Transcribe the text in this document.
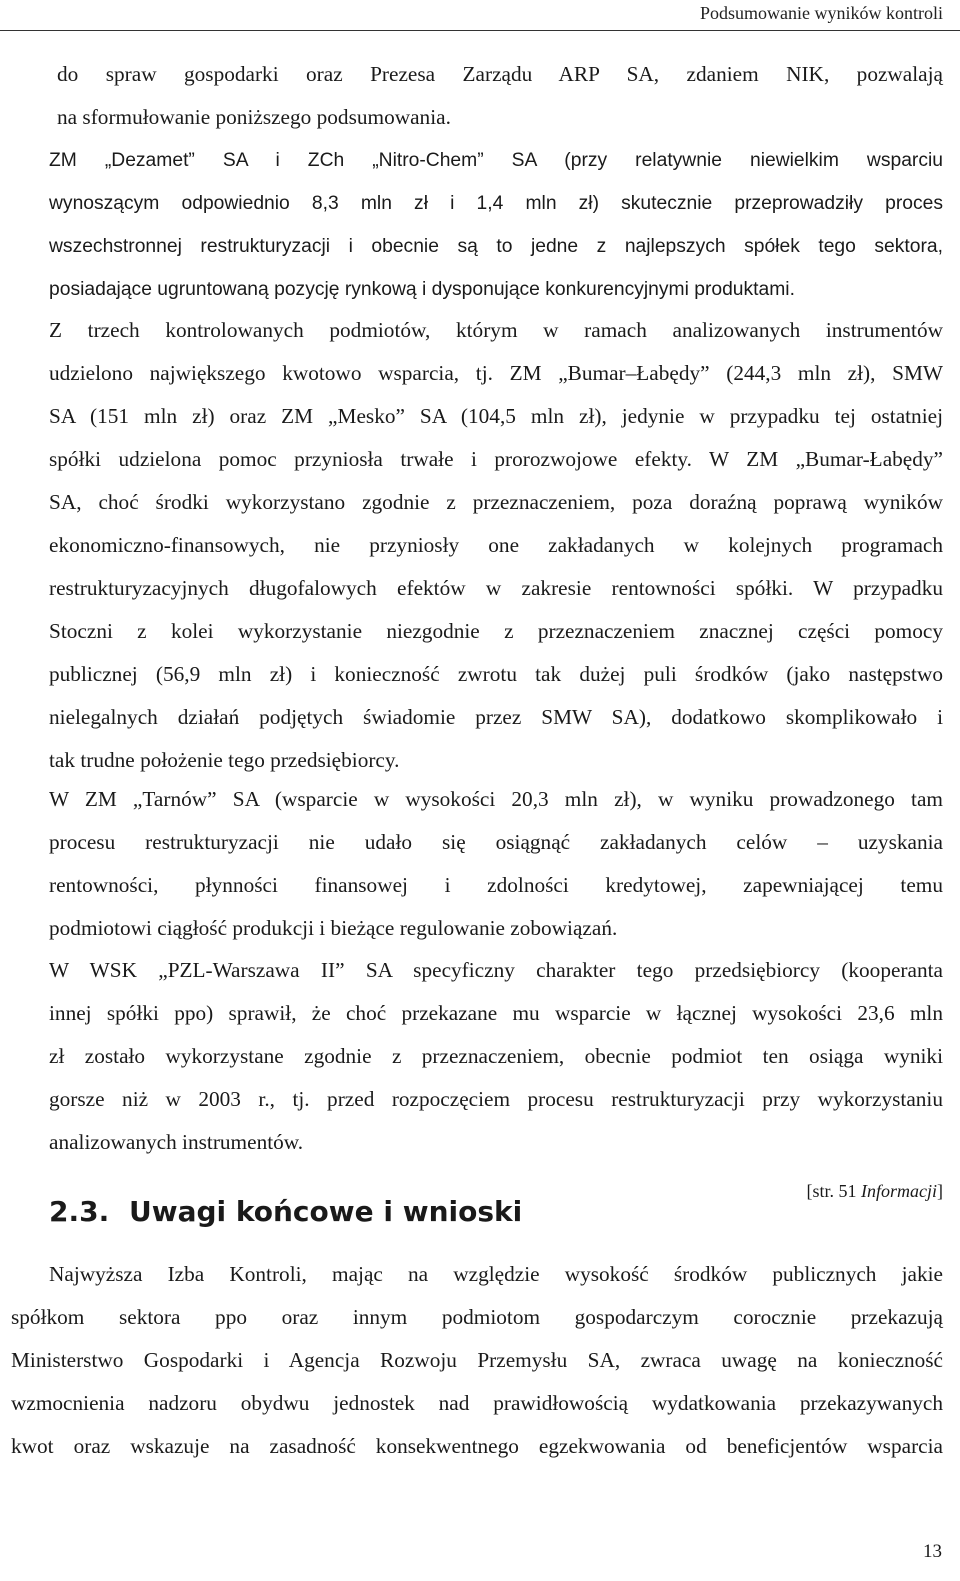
Podsumowanie wyników kontroli
do spraw gospodarki oraz Prezesa Zarządu ARP SA, zdaniem NIK, pozwalają
na sformułowanie poniższego podsumowania.
ZM „Dezamet” SA i ZCh „Nitro-Chem” SA (przy relatywnie niewielkim wsparciu
wynoszącym odpowiednio 8,3 mln zł i 1,4 mln zł) skutecznie przeprowadziły proces
wszechstronnej restrukturyzacji i obecnie są to jedne z najlepszych spółek tego sektora,
posiadające ugruntowaną pozycję rynkową i dysponujące konkurencyjnymi produktami.
Z trzech kontrolowanych podmiotów, którym w ramach analizowanych instrumentów
udzielono największego kwotowo wsparcia, tj. ZM „Bumar–Łabędy” (244,3 mln zł), SMW
SA (151 mln zł) oraz ZM „Mesko” SA (104,5 mln zł), jedynie w przypadku tej ostatniej
spółki udzielona pomoc przyniosła trwałe i prorozwojowe efekty. W ZM „Bumar-Łabędy”
SA, choć środki wykorzystano zgodnie z przeznaczeniem, poza doraźną poprawą wyników
ekonomiczno-finansowych, nie przyniosły one zakładanych w kolejnych programach
restrukturyzacyjnych długofalowych efektów w zakresie rentowności spółki. W przypadku
Stoczni z kolei wykorzystanie niezgodnie z przeznaczeniem znacznej części pomocy
publicznej (56,9 mln zł) i konieczność zwrotu tak dużej puli środków (jako następstwo
nielegalnych działań podjętych świadomie przez SMW SA), dodatkowo skomplikowało i
tak trudne położenie tego przedsiębiorcy.
W ZM „Tarnów” SA (wsparcie w wysokości 20,3 mln zł), w wyniku prowadzonego tam
procesu restrukturyzacji nie udało się osiągnąć zakładanych celów – uzyskania
rentowności, płynności finansowej i zdolności kredytowej, zapewniającej temu
podmiotowi ciągłość produkcji i bieżące regulowanie zobowiązań.
W WSK „PZL-Warszawa II” SA specyficzny charakter tego przedsiębiorcy (kooperanta
innej spółki ppo) sprawił, że choć przekazane mu wsparcie w łącznej wysokości 23,6 mln
zł zostało wykorzystane zgodnie z przeznaczeniem, obecnie podmiot ten osiąga wyniki
gorsze niż w 2003 r., tj. przed rozpoczęciem procesu restrukturyzacji przy wykorzystaniu
analizowanych instrumentów.
[str. 51 Informacji]
2.3. Uwagi końcowe i wnioski
Najwyższa Izba Kontroli, mając na względzie wysokość środków publicznych jakie
spółkom sektora ppo oraz innym podmiotom gospodarczym corocznie przekazują
Ministerstwo Gospodarki i Agencja Rozwoju Przemysłu SA, zwraca uwagę na konieczność
wzmocnienia nadzoru obydwu jednostek nad prawidłowością wydatkowania przekazywanych
kwot oraz wskazuje na zasadność konsekwentnego egzekwowania od beneficjentów wsparcia
13
